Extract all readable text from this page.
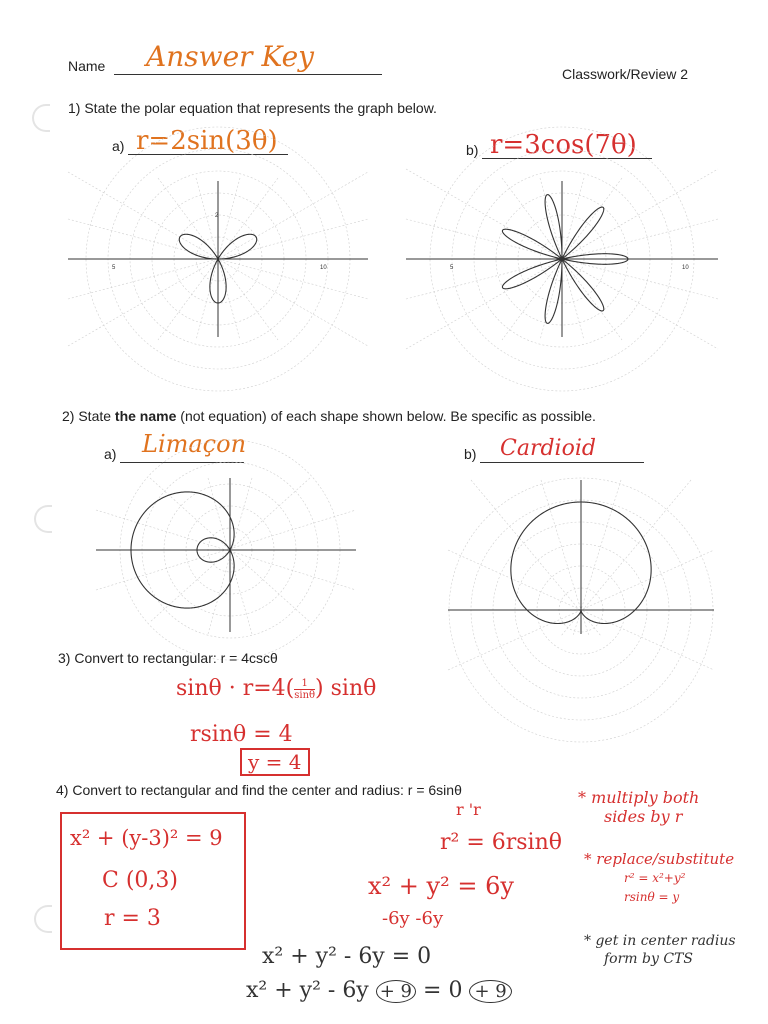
Name Answer Key
Classwork/Review 2
1) State the polar equation that represents the graph below.
a) r=2sin(3θ)	b) r=3cos(7θ)
2
5	10	5	10
2) State the name (not equation) of each shape shown below. Be specific as possible.
a) Limaçon	b) Cardioid
3) Convert to rectangular: r = 4cscθ
$\sin\theta \cdot r=4( \frac{1}{\sin\theta}$ ) sinθ
rsinθ = 4
y = 4
4) Convert to rectangular and find the center and radius: r = 6sinθ
r 'r
r² = 6rsinθ
x² + y² = 6y
-6y -6y
x² + y² - 6y = 0
x² + y² - 6y + 9 = 0 + 9
x² + (y-3)² = 9
C (0,3)
r = 3
* multiply both
sides by r
* replace/substitute
r² = x²+y²
rsinθ = y
* get in center radius
form by CTS
